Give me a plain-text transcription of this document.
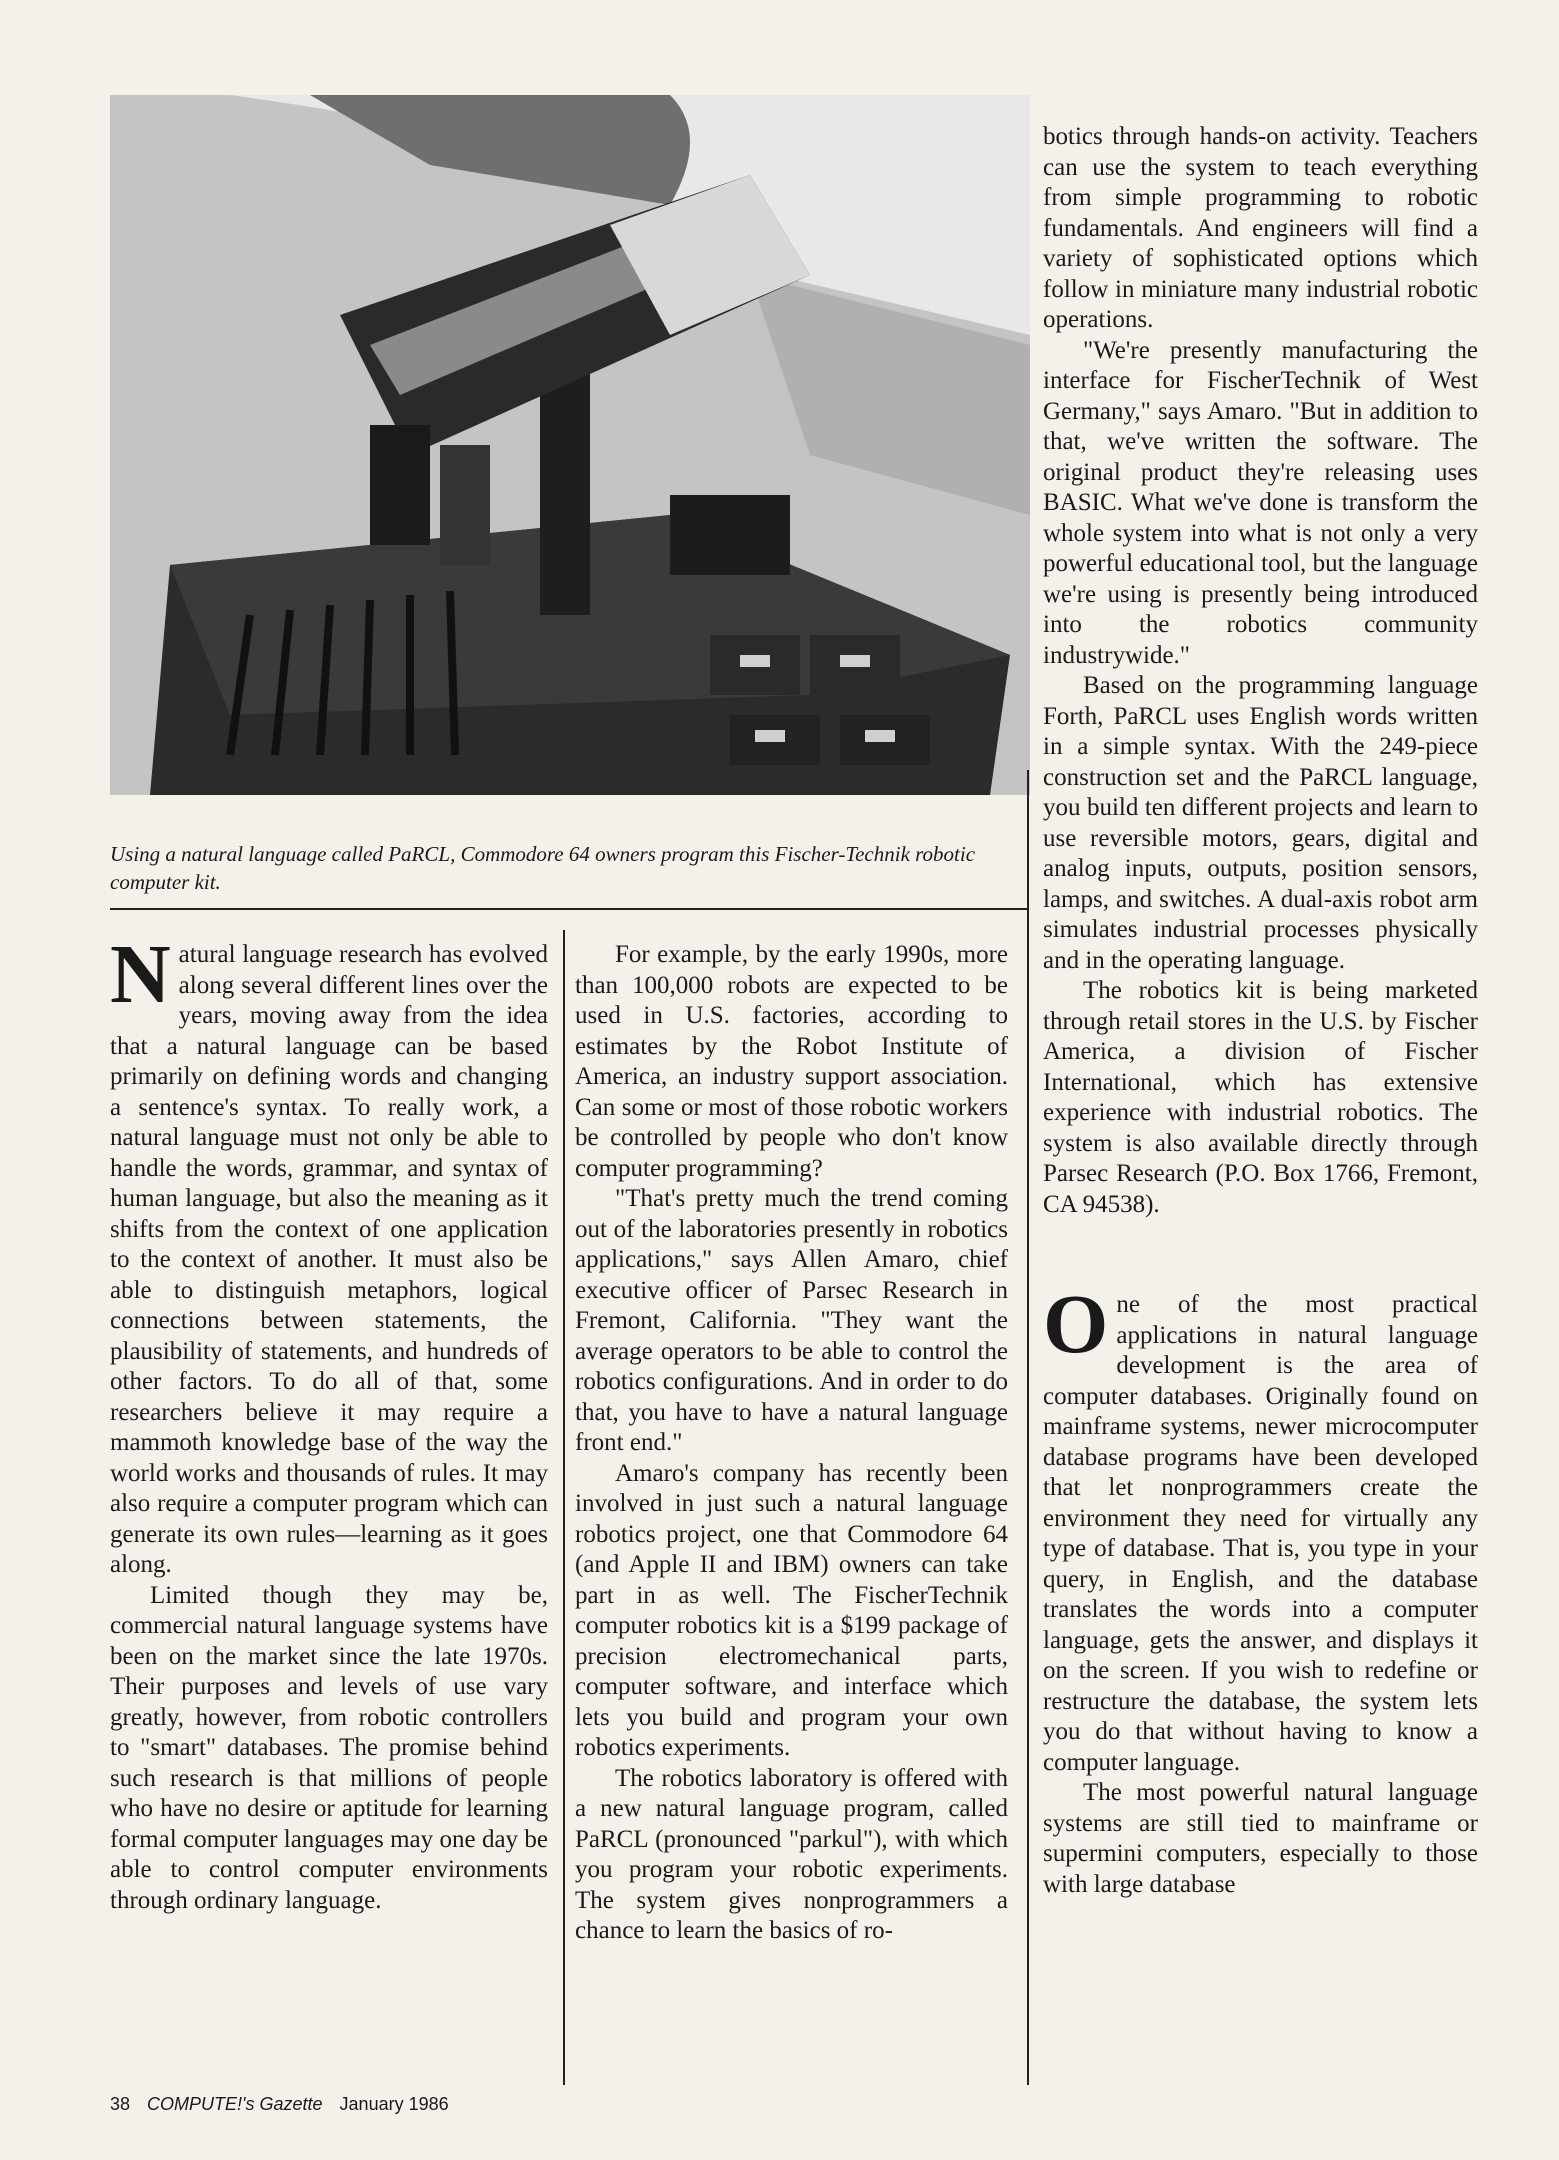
Using a natural language called PaRCL, Commodore 64 owners program this Fischer-Technik robotic computer kit.

Natural language research has evolved along several different lines over the years, moving away from the idea that a natural language can be based primarily on defining words and changing a sentence's syntax. To really work, a natural language must not only be able to handle the words, grammar, and syntax of human language, but also the meaning as it shifts from the context of one application to the context of another. It must also be able to distinguish metaphors, logical connections between statements, the plausibility of statements, and hundreds of other factors. To do all of that, some researchers believe it may require a mammoth knowledge base of the way the world works and thousands of rules. It may also require a computer program which can generate its own rules—learning as it goes along.

Limited though they may be, commercial natural language systems have been on the market since the late 1970s. Their purposes and levels of use vary greatly, however, from robotic controllers to "smart" databases. The promise behind such research is that millions of people who have no desire or aptitude for learning formal computer languages may one day be able to control computer environments through ordinary language.

For example, by the early 1990s, more than 100,000 robots are expected to be used in U.S. factories, according to estimates by the Robot Institute of America, an industry support association. Can some or most of those robotic workers be controlled by people who don't know computer programming?

"That's pretty much the trend coming out of the laboratories presently in robotics applications," says Allen Amaro, chief executive officer of Parsec Research in Fremont, California. "They want the average operators to be able to control the robotics configurations. And in order to do that, you have to have a natural language front end."

Amaro's company has recently been involved in just such a natural language robotics project, one that Commodore 64 (and Apple II and IBM) owners can take part in as well. The FischerTechnik computer robotics kit is a $199 package of precision electromechanical parts, computer software, and interface which lets you build and program your own robotics experiments.

The robotics laboratory is offered with a new natural language program, called PaRCL (pronounced "parkul"), with which you program your robotic experiments. The system gives nonprogrammers a chance to learn the basics of ro-

botics through hands-on activity. Teachers can use the system to teach everything from simple programming to robotic fundamentals. And engineers will find a variety of sophisticated options which follow in miniature many industrial robotic operations.

"We're presently manufacturing the interface for FischerTechnik of West Germany," says Amaro. "But in addition to that, we've written the software. The original product they're releasing uses BASIC. What we've done is transform the whole system into what is not only a very powerful educational tool, but the language we're using is presently being introduced into the robotics community industrywide."

Based on the programming language Forth, PaRCL uses English words written in a simple syntax. With the 249-piece construction set and the PaRCL language, you build ten different projects and learn to use reversible motors, gears, digital and analog inputs, outputs, position sensors, lamps, and switches. A dual-axis robot arm simulates industrial processes physically and in the operating language.

The robotics kit is being marketed through retail stores in the U.S. by Fischer America, a division of Fischer International, which has extensive experience with industrial robotics. The system is also available directly through Parsec Research (P.O. Box 1766, Fremont, CA 94538).

One of the most practical applications in natural language development is the area of computer databases. Originally found on mainframe systems, newer microcomputer database programs have been developed that let nonprogrammers create the environment they need for virtually any type of database. That is, you type in your query, in English, and the database translates the words into a computer language, gets the answer, and displays it on the screen. If you wish to redefine or restructure the database, the system lets you do that without having to know a computer language.

The most powerful natural language systems are still tied to mainframe or supermini computers, especially to those with large database

38 COMPUTE!'s Gazette January 1986
